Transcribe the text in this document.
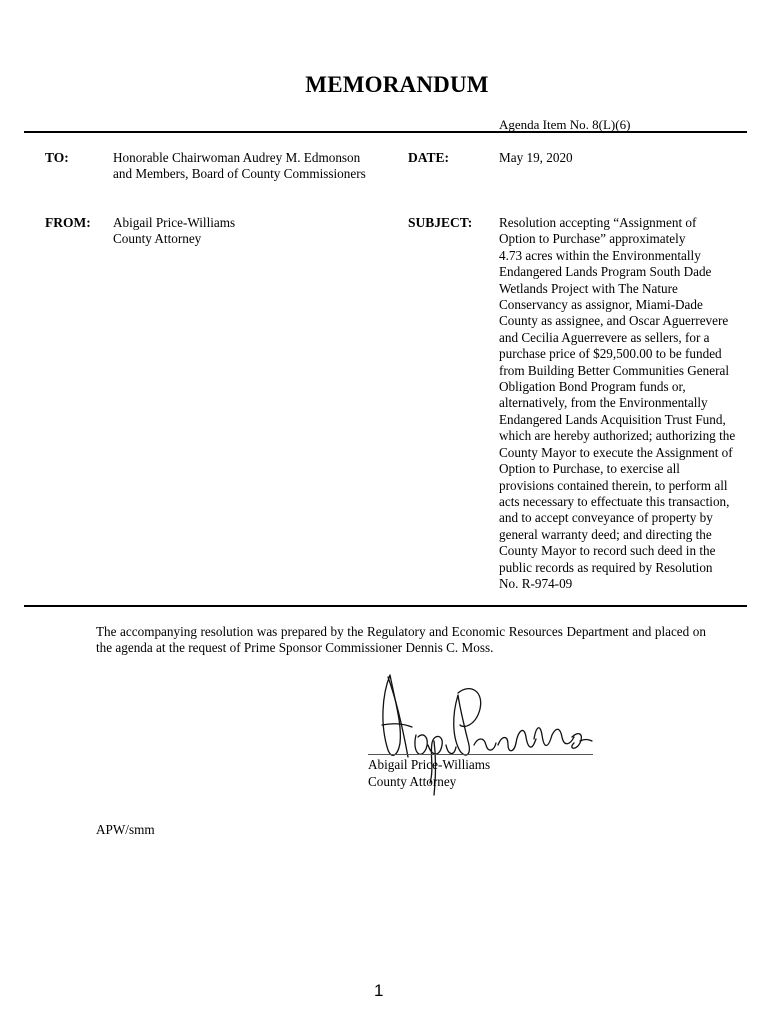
MEMORANDUM
Agenda Item No. 8(L)(6)
TO:	Honorable Chairwoman Audrey M. Edmonson
and Members, Board of County Commissioners
DATE:	May 19, 2020
FROM: Abigail Price-Williams
County Attorney
SUBJECT: Resolution accepting “Assignment of
Option to Purchase” approximately
4.73 acres within the Environmentally
Endangered Lands Program South Dade
Wetlands Project with The Nature
Conservancy as assignor, Miami-Dade
County as assignee, and Oscar Aguerrevere
and Cecilia Aguerrevere as sellers, for a
purchase price of $29,500.00 to be funded
from Building Better Communities General
Obligation Bond Program funds or,
alternatively, from the Environmentally
Endangered Lands Acquisition Trust Fund,
which are hereby authorized; authorizing the
County Mayor to execute the Assignment of
Option to Purchase, to exercise all
provisions contained therein, to perform all
acts necessary to effectuate this transaction,
and to accept conveyance of property by
general warranty deed; and directing the
County Mayor to record such deed in the
public records as required by Resolution
No. R-974-09
The accompanying resolution was prepared by the Regulatory and Economic Resources Department and placed on the agenda at the request of Prime Sponsor Commissioner Dennis C. Moss.
Abigail Price-Williams
County Attorney
APW/smm
1
